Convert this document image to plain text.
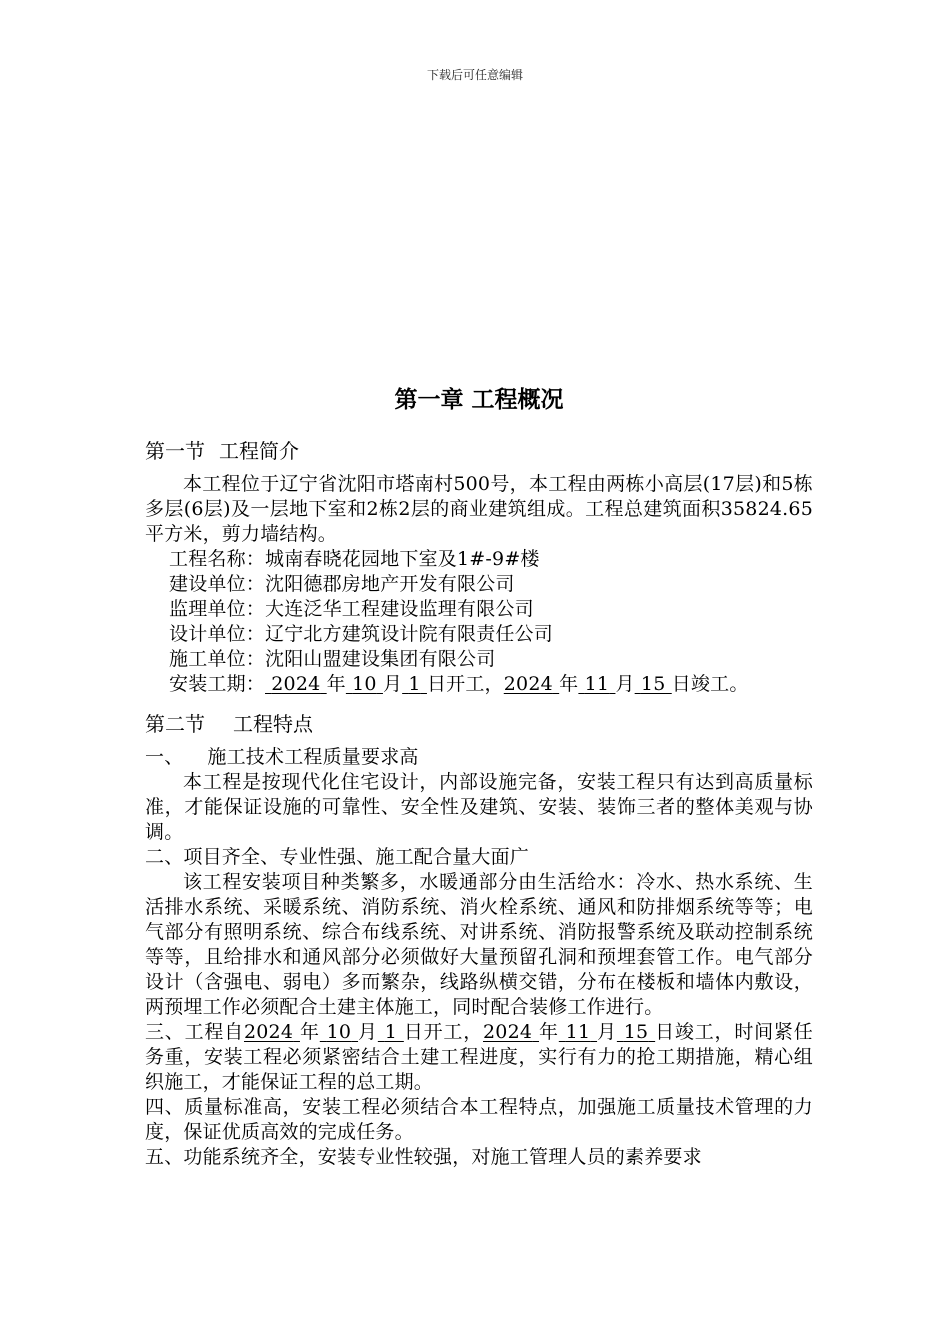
下载后可任意编辑
第一章 工程概况
第一节 工程简介

本工程位于辽宁省沈阳市塔南村500号，本工程由两栋小高层(17层)和5栋多层(6层)及一层地下室和2栋2层的商业建筑组成。工程总建筑面积35824.65平方米，剪力墙结构。

工程名称：城南春晓花园地下室及1#-9#楼

建设单位：沈阳德郡房地产开发有限公司

监理单位：大连泛华工程建设监理有限公司

设计单位：辽宁北方建筑设计院有限责任公司

施工单位：沈阳山盟建设集团有限公司

安装工期： 2024 年 10 月 1 日开工，2024 年 11 月 15 日竣工。

第二节 工程特点

一、 施工技术工程质量要求高

本工程是按现代化住宅设计，内部设施完备，安装工程只有达到高质量标准，才能保证设施的可靠性、安全性及建筑、安装、装饰三者的整体美观与协调。

二、项目齐全、专业性强、施工配合量大面广

该工程安装项目种类繁多，水暖通部分由生活给水：冷水、热水系统、生活排水系统、采暖系统、消防系统、消火栓系统、通风和防排烟系统等等；电气部分有照明系统、综合布线系统、对讲系统、消防报警系统及联动控制系统等等，且给排水和通风部分必须做好大量预留孔洞和预埋套管工作。电气部分设计（含强电、弱电）多而繁杂，线路纵横交错，分布在楼板和墙体内敷设，两预埋工作必须配合土建主体施工，同时配合装修工作进行。

三、工程自2024 年 10 月 1 日开工，2024 年 11 月 15 日竣工，时间紧任务重，安装工程必须紧密结合土建工程进度，实行有力的抢工期措施，精心组织施工，才能保证工程的总工期。

四、质量标准高，安装工程必须结合本工程特点，加强施工质量技术管理的力度，保证优质高效的完成任务。

五、功能系统齐全，安装专业性较强，对施工管理人员的素养要求
